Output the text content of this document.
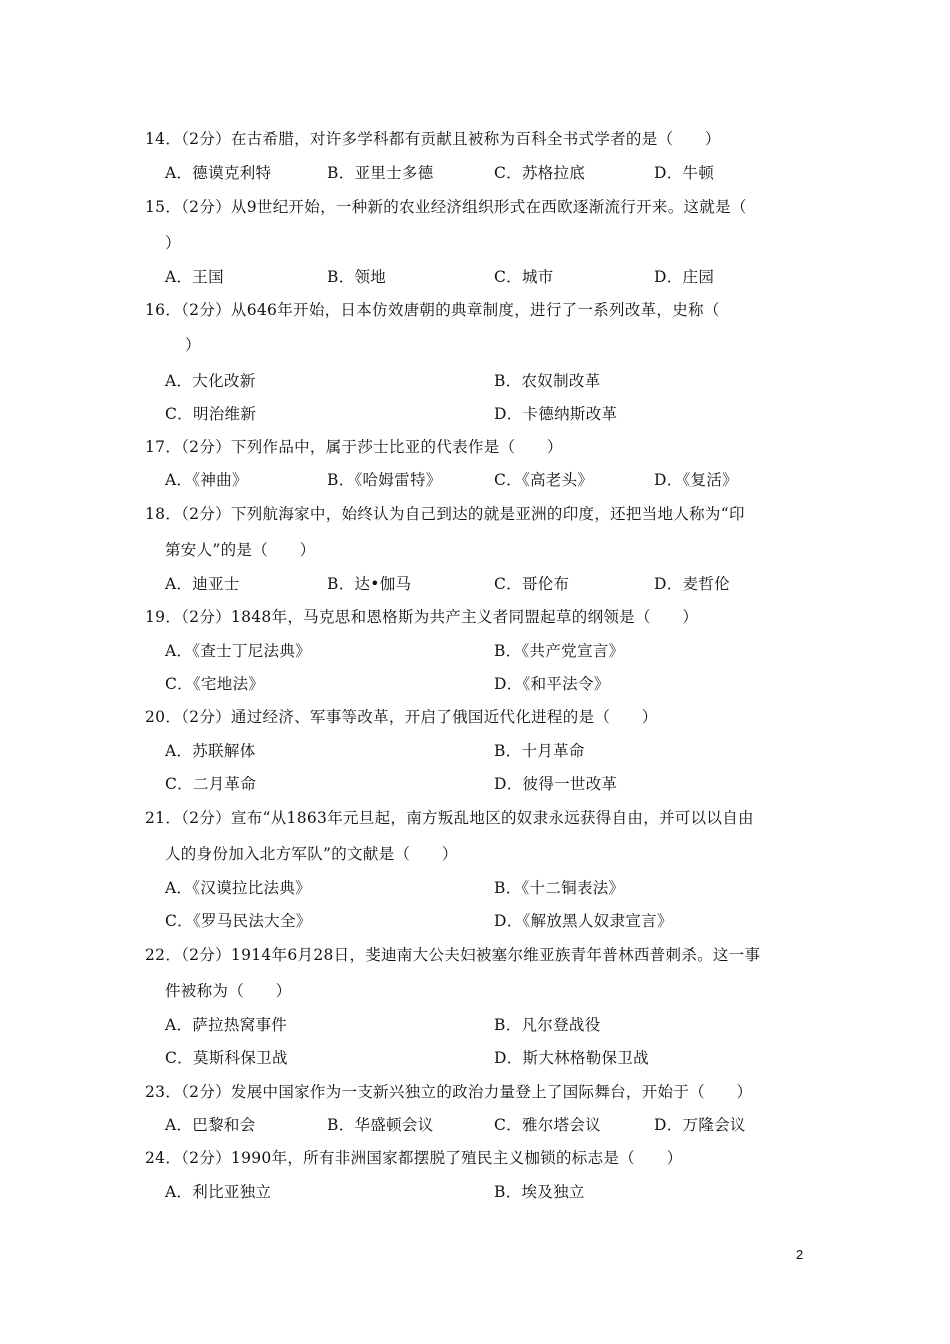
14．（2分）在古希腊，对许多学科都有贡献且被称为百科全书式学者的是（　　）
A．德谟克利特	B．亚里士多德	C．苏格拉底	D．牛顿
15．（2分）从9世纪开始，一种新的农业经济组织形式在西欧逐渐流行开来。这就是（
）
A．王国	B．领地	C．城市	D．庄园
16．（2分）从646年开始，日本仿效唐朝的典章制度，进行了一系列改革，史称（
）
A．大化改新	B．农奴制改革
C．明治维新	D．卡德纳斯改革
17．（2分）下列作品中，属于莎士比亚的代表作是（　　）
A．《神曲》	B．《哈姆雷特》	C．《高老头》	D．《复活》
18．（2分）下列航海家中，始终认为自己到达的就是亚洲的印度，还把当地人称为“印
第安人”的是（　　）
A．迪亚士	B．达•伽马	C．哥伦布	D．麦哲伦
19．（2分）1848年，马克思和恩格斯为共产主义者同盟起草的纲领是（　　）
A．《查士丁尼法典》	B．《共产党宣言》
C．《宅地法》	D．《和平法令》
20．（2分）通过经济、军事等改革，开启了俄国近代化进程的是（　　）
A．苏联解体	B．十月革命
C．二月革命	D．彼得一世改革
21．（2分）宣布“从1863年元旦起，南方叛乱地区的奴隶永远获得自由，并可以以自由
人的身份加入北方军队”的文献是（　　）
A．《汉谟拉比法典》	B．《十二铜表法》
C．《罗马民法大全》	D．《解放黑人奴隶宣言》
22．（2分）1914年6月28日，斐迪南大公夫妇被塞尔维亚族青年普林西普刺杀。这一事
件被称为（　　）
A．萨拉热窝事件	B．凡尔登战役
C．莫斯科保卫战	D．斯大林格勒保卫战
23．（2分）发展中国家作为一支新兴独立的政治力量登上了国际舞台，开始于（　　）
A．巴黎和会	B．华盛顿会议	C．雅尔塔会议	D．万隆会议
24．（2分）1990年，所有非洲国家都摆脱了殖民主义枷锁的标志是（　　）
A．利比亚独立	B．埃及独立
2
